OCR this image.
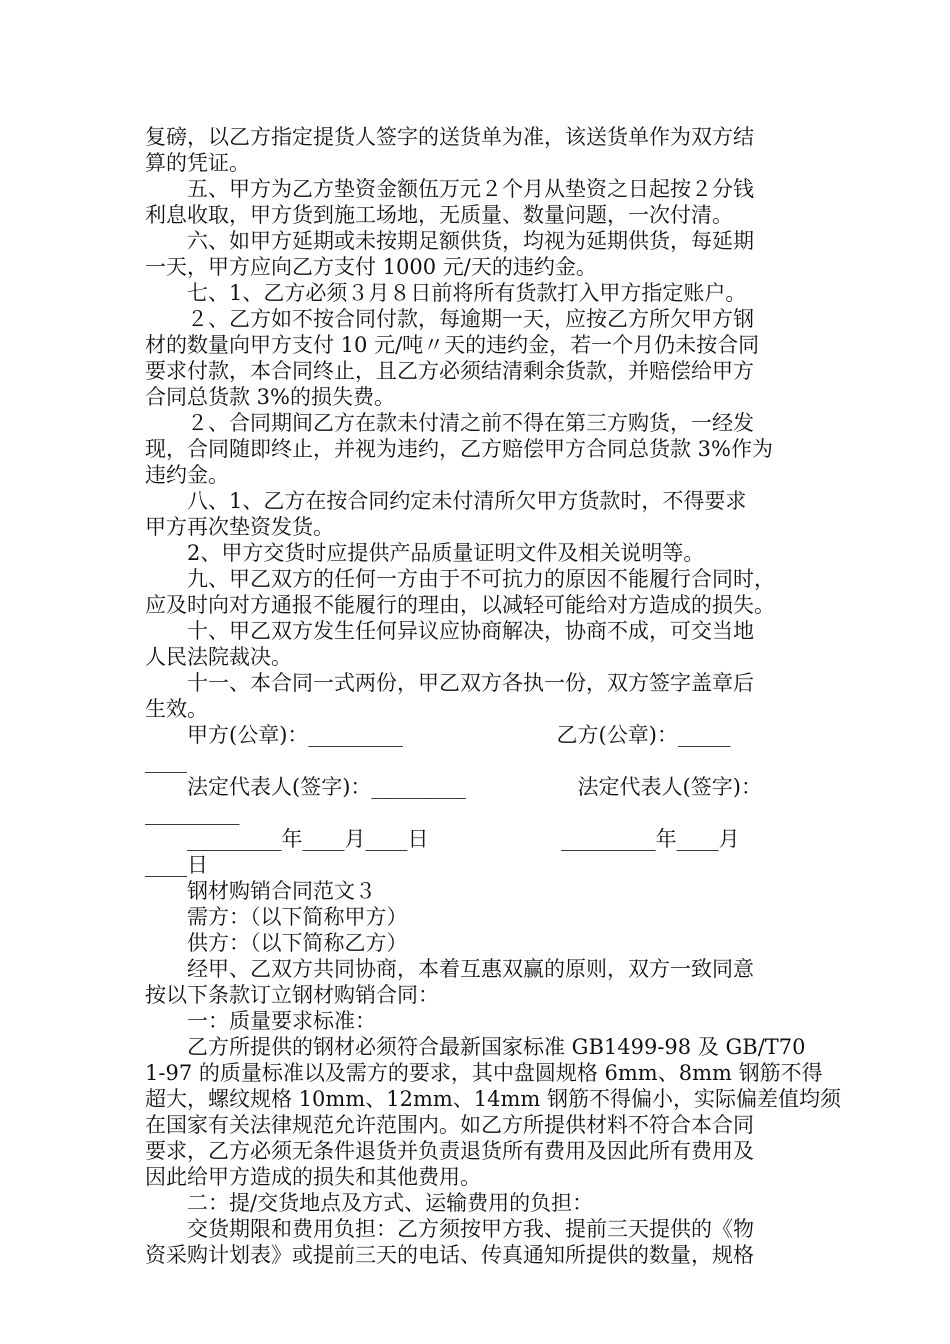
复磅，以乙方指定提货人签字的送货单为准，该送货单作为双方结
算的凭证。
　　五、甲方为乙方垫资金额伍万元２个月从垫资之日起按２分钱
利息收取，甲方货到施工场地，无质量、数量问题，一次付清。
　　六、如甲方延期或未按期足额供货，均视为延期供货，每延期
一天，甲方应向乙方支付 1000 元/天的违约金。
　　七、1、乙方必须３月８日前将所有货款打入甲方指定账户。
　　２、乙方如不按合同付款，每逾期一天，应按乙方所欠甲方钢
材的数量向甲方支付 10 元/吨〃天的违约金，若一个月仍未按合同
要求付款，本合同终止，且乙方必须结清剩余货款，并赔偿给甲方
合同总货款 3%的损失费。
　　２、合同期间乙方在款未付清之前不得在第三方购货，一经发
现，合同随即终止，并视为违约，乙方赔偿甲方合同总货款 3%作为
违约金。
　　八、1、乙方在按合同约定未付清所欠甲方货款时，不得要求
甲方再次垫资发货。
　　2、甲方交货时应提供产品质量证明文件及相关说明等。
　　九、甲乙双方的任何一方由于不可抗力的原因不能履行合同时，
应及时向对方通报不能履行的理由，以减轻可能给对方造成的损失。
　　十、甲乙双方发生任何异议应协商解决，协商不成，可交当地
人民法院裁决。
　　十一、本合同一式两份，甲乙双方各执一份，双方签字盖章后
生效。
　　甲方(公章)：_________　　　　　　　 乙方(公章)：_____
____
　　法定代表人(签字)：_________　　　　　 法定代表人(签字)：
_________
　　_________年____月____日　　　　　　 _________年____月
____日
　　钢材购销合同范文３
　　需方：（以下简称甲方）
　　供方：（以下简称乙方）
　　经甲、乙双方共同协商，本着互惠双赢的原则，双方一致同意
按以下条款订立钢材购销合同：
　　一：质量要求标准：
　　乙方所提供的钢材必须符合最新国家标准 GB1499-98 及 GB/T70
1-97 的质量标准以及需方的要求，其中盘圆规格 6mm、8mm 钢筋不得
超大，螺纹规格 10mm、12mm、14mm 钢筋不得偏小，实际偏差值均须
在国家有关法律规范允许范围内。如乙方所提供材料不符合本合同
要求，乙方必须无条件退货并负责退货所有费用及因此所有费用及
因此给甲方造成的损失和其他费用。
　　二：提/交货地点及方式、运输费用的负担：
　　交货期限和费用负担：乙方须按甲方我、提前三天提供的《物
资采购计划表》或提前三天的电话、传真通知所提供的数量，规格
